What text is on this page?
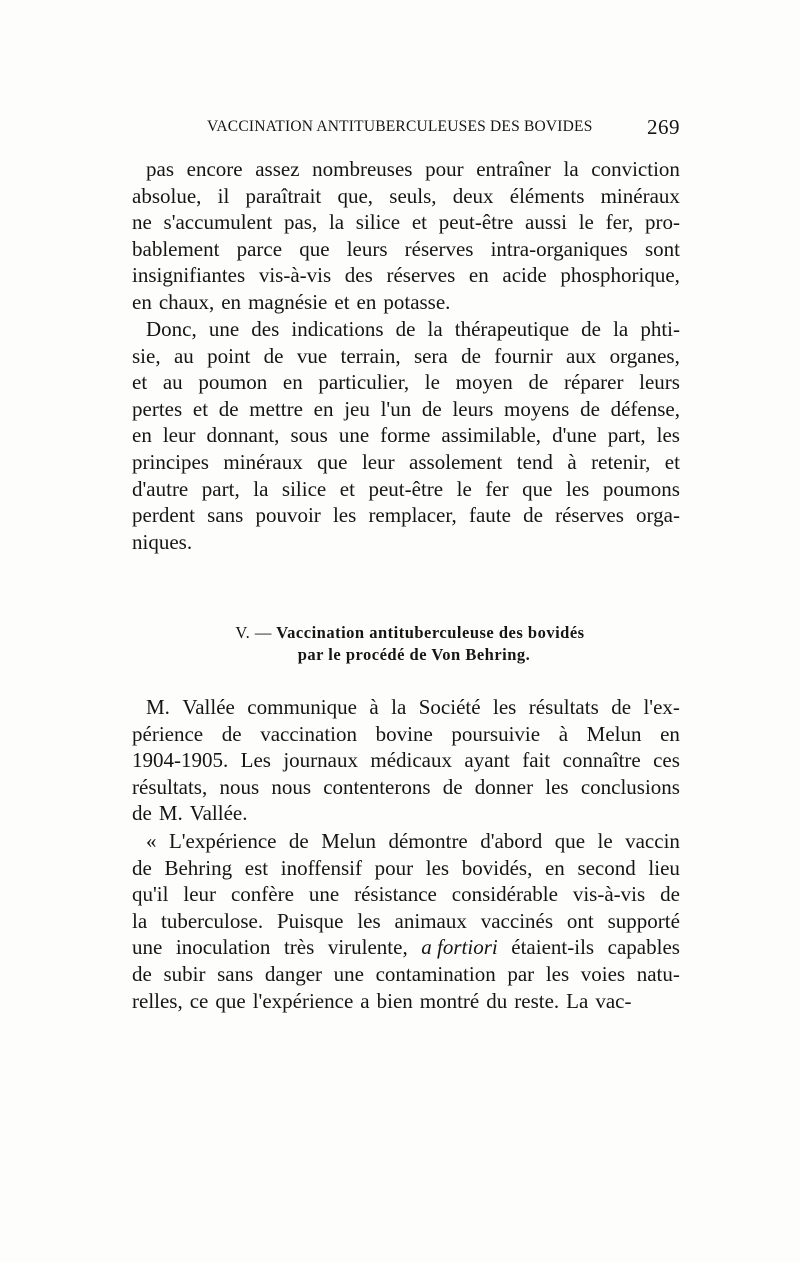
VACCINATION ANTITUBERCULEUSES DES BOVIDES	269
pas encore assez nombreuses pour entraîner la conviction
absolue, il paraîtrait que, seuls, deux éléments minéraux
ne s'accumulent pas, la silice et peut-être aussi le fer, pro-
bablement parce que leurs réserves intra-organiques sont
insignifiantes vis-à-vis des réserves en acide phosphorique,
en chaux, en magnésie et en potasse.
Donc, une des indications de la thérapeutique de la phti-
sie, au point de vue terrain, sera de fournir aux organes,
et au poumon en particulier, le moyen de réparer leurs
pertes et de mettre en jeu l'un de leurs moyens de défense,
en leur donnant, sous une forme assimilable, d'une part, les
principes minéraux que leur assolement tend à retenir, et
d'autre part, la silice et peut-être le fer que les poumons
perdent sans pouvoir les remplacer, faute de réserves orga-
niques.
V. — Vaccination antituberculeuse des bovidés
par le procédé de Von Behring.
M. Vallée communique à la Société les résultats de l'ex-
périence de vaccination bovine poursuivie à Melun en
1904-1905. Les journaux médicaux ayant fait connaître ces
résultats, nous nous contenterons de donner les conclusions
de M. Vallée.
« L'expérience de Melun démontre d'abord que le vaccin
de Behring est inoffensif pour les bovidés, en second lieu
qu'il leur confère une résistance considérable vis-à-vis de
la tuberculose. Puisque les animaux vaccinés ont supporté
une inoculation très virulente, a fortiori étaient-ils capables
de subir sans danger une contamination par les voies natu-
relles, ce que l'expérience a bien montré du reste. La vac-
